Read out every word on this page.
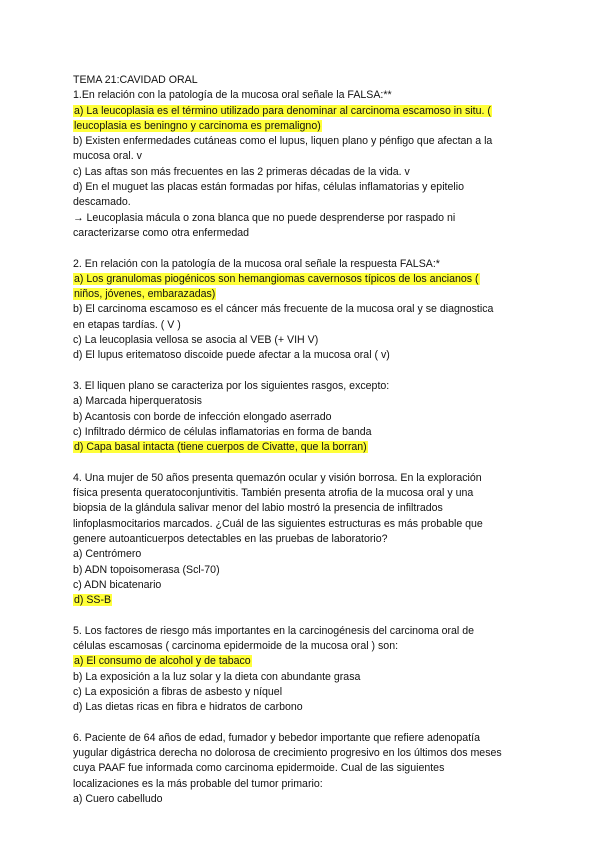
TEMA 21:CAVIDAD ORAL
1.En relación con la patología de la mucosa oral señale la FALSA:**
a) La leucoplasia es el término utilizado para denominar al carcinoma escamoso in situ. (
leucoplasia es beningno y carcinoma es premaligno)
b) Existen enfermedades cutáneas como el lupus, liquen plano y pénfigo que afectan a la
mucosa oral. v
c) Las aftas son más frecuentes en las 2 primeras décadas de la vida. v
d) En el muguet las placas están formadas por hifas, células inflamatorias y epitelio
descamado.
→ Leucoplasia mácula o zona blanca que no puede desprenderse por raspado ni
caracterizarse como otra enfermedad
2. En relación con la patología de la mucosa oral señale la respuesta FALSA:*
a) Los granulomas piogénicos son hemangiomas cavernosos típicos de los ancianos (
niños, jóvenes, embarazadas)
b) El carcinoma escamoso es el cáncer más frecuente de la mucosa oral y se diagnostica
en etapas tardías. ( V )
c) La leucoplasia vellosa se asocia al VEB (+ VIH V)
d) El lupus eritematoso discoide puede afectar a la mucosa oral ( v)
3. El liquen plano se caracteriza por los siguientes rasgos, excepto:
a) Marcada hiperqueratosis
b) Acantosis con borde de infección elongado aserrado
c) Infiltrado dérmico de células inflamatorias en forma de banda
d) Capa basal intacta (tiene cuerpos de Civatte, que la borran)
4. Una mujer de 50 años presenta quemazón ocular y visión borrosa. En la exploración
física presenta queratoconjuntivitis. También presenta atrofia de la mucosa oral y una
biopsia de la glándula salivar menor del labio mostró la presencia de infiltrados
linfoplasmocitarios marcados. ¿Cuál de las siguientes estructuras es más probable que
genere autoanticuerpos detectables en las pruebas de laboratorio?
a) Centrómero
b) ADN topoisomerasa (Scl-70)
c) ADN bicatenario
d) SS-B
5. Los factores de riesgo más importantes en la carcinogénesis del carcinoma oral de
células escamosas ( carcinoma epidermoide de la mucosa oral ) son:
a) El consumo de alcohol y de tabaco
b) La exposición a la luz solar y la dieta con abundante grasa
c) La exposición a fibras de asbesto y níquel
d) Las dietas ricas en fibra e hidratos de carbono
6. Paciente de 64 años de edad, fumador y bebedor importante que refiere adenopatía
yugular digástrica derecha no dolorosa de crecimiento progresivo en los últimos dos meses
cuya PAAF fue informada como carcinoma epidermoide. Cual de las siguientes
localizaciones es la más probable del tumor primario:
a) Cuero cabelludo
